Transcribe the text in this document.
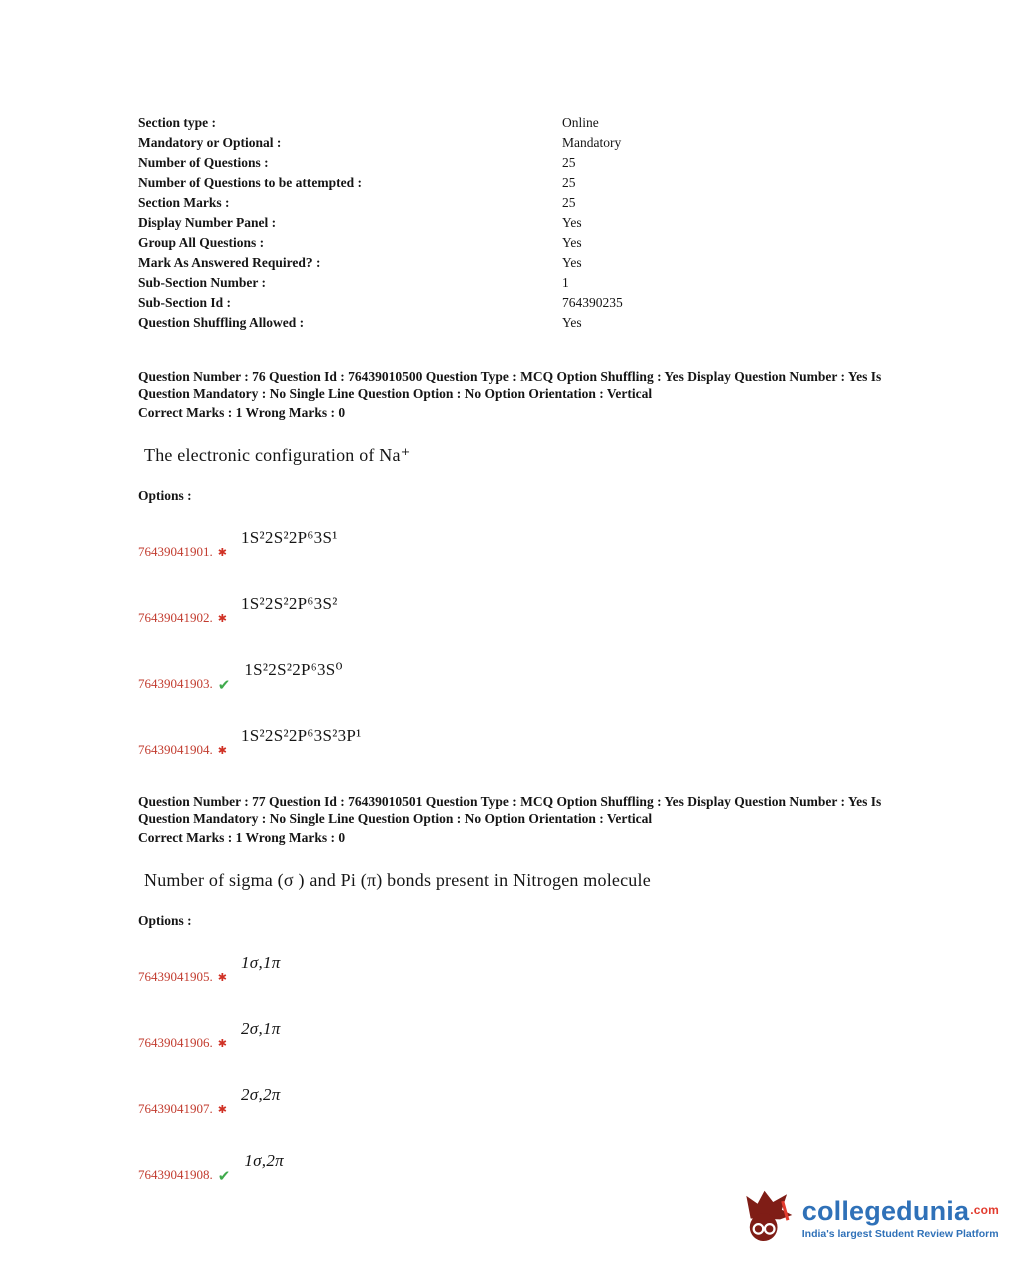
Section type :	Online
Mandatory or Optional :	Mandatory
Number of Questions :	25
Number of Questions to be attempted :	25
Section Marks :	25
Display Number Panel :	Yes
Group All Questions :	Yes
Mark As Answered Required? :	Yes
Sub-Section Number :	1
Sub-Section Id :	764390235
Question Shuffling Allowed :	Yes

Question Number : 76 Question Id : 76439010500 Question Type : MCQ Option Shuffling : Yes Display Question Number : Yes Is Question Mandatory : No Single Line Question Option : No Option Orientation : Vertical

Correct Marks : 1 Wrong Marks : 0

The electronic configuration of Na⁺

Options :

76439041901. ✱
1S²2S²2P⁶3S¹
76439041902. ✱
1S²2S²2P⁶3S²
76439041903. ✔
1S²2S²2P⁶3S⁰
76439041904. ✱
1S²2S²2P⁶3S²3P¹

Question Number : 77 Question Id : 76439010501 Question Type : MCQ Option Shuffling : Yes Display Question Number : Yes Is Question Mandatory : No Single Line Question Option : No Option Orientation : Vertical

Correct Marks : 1 Wrong Marks : 0

Number of sigma (σ ) and Pi (π) bonds present in Nitrogen molecule

Options :

76439041905. ✱
1σ,1π
76439041906. ✱
2σ,1π
76439041907. ✱
2σ,2π
76439041908. ✔
1σ,2π
collegedunia$^{.com}$
India's largest Student Review Platform
